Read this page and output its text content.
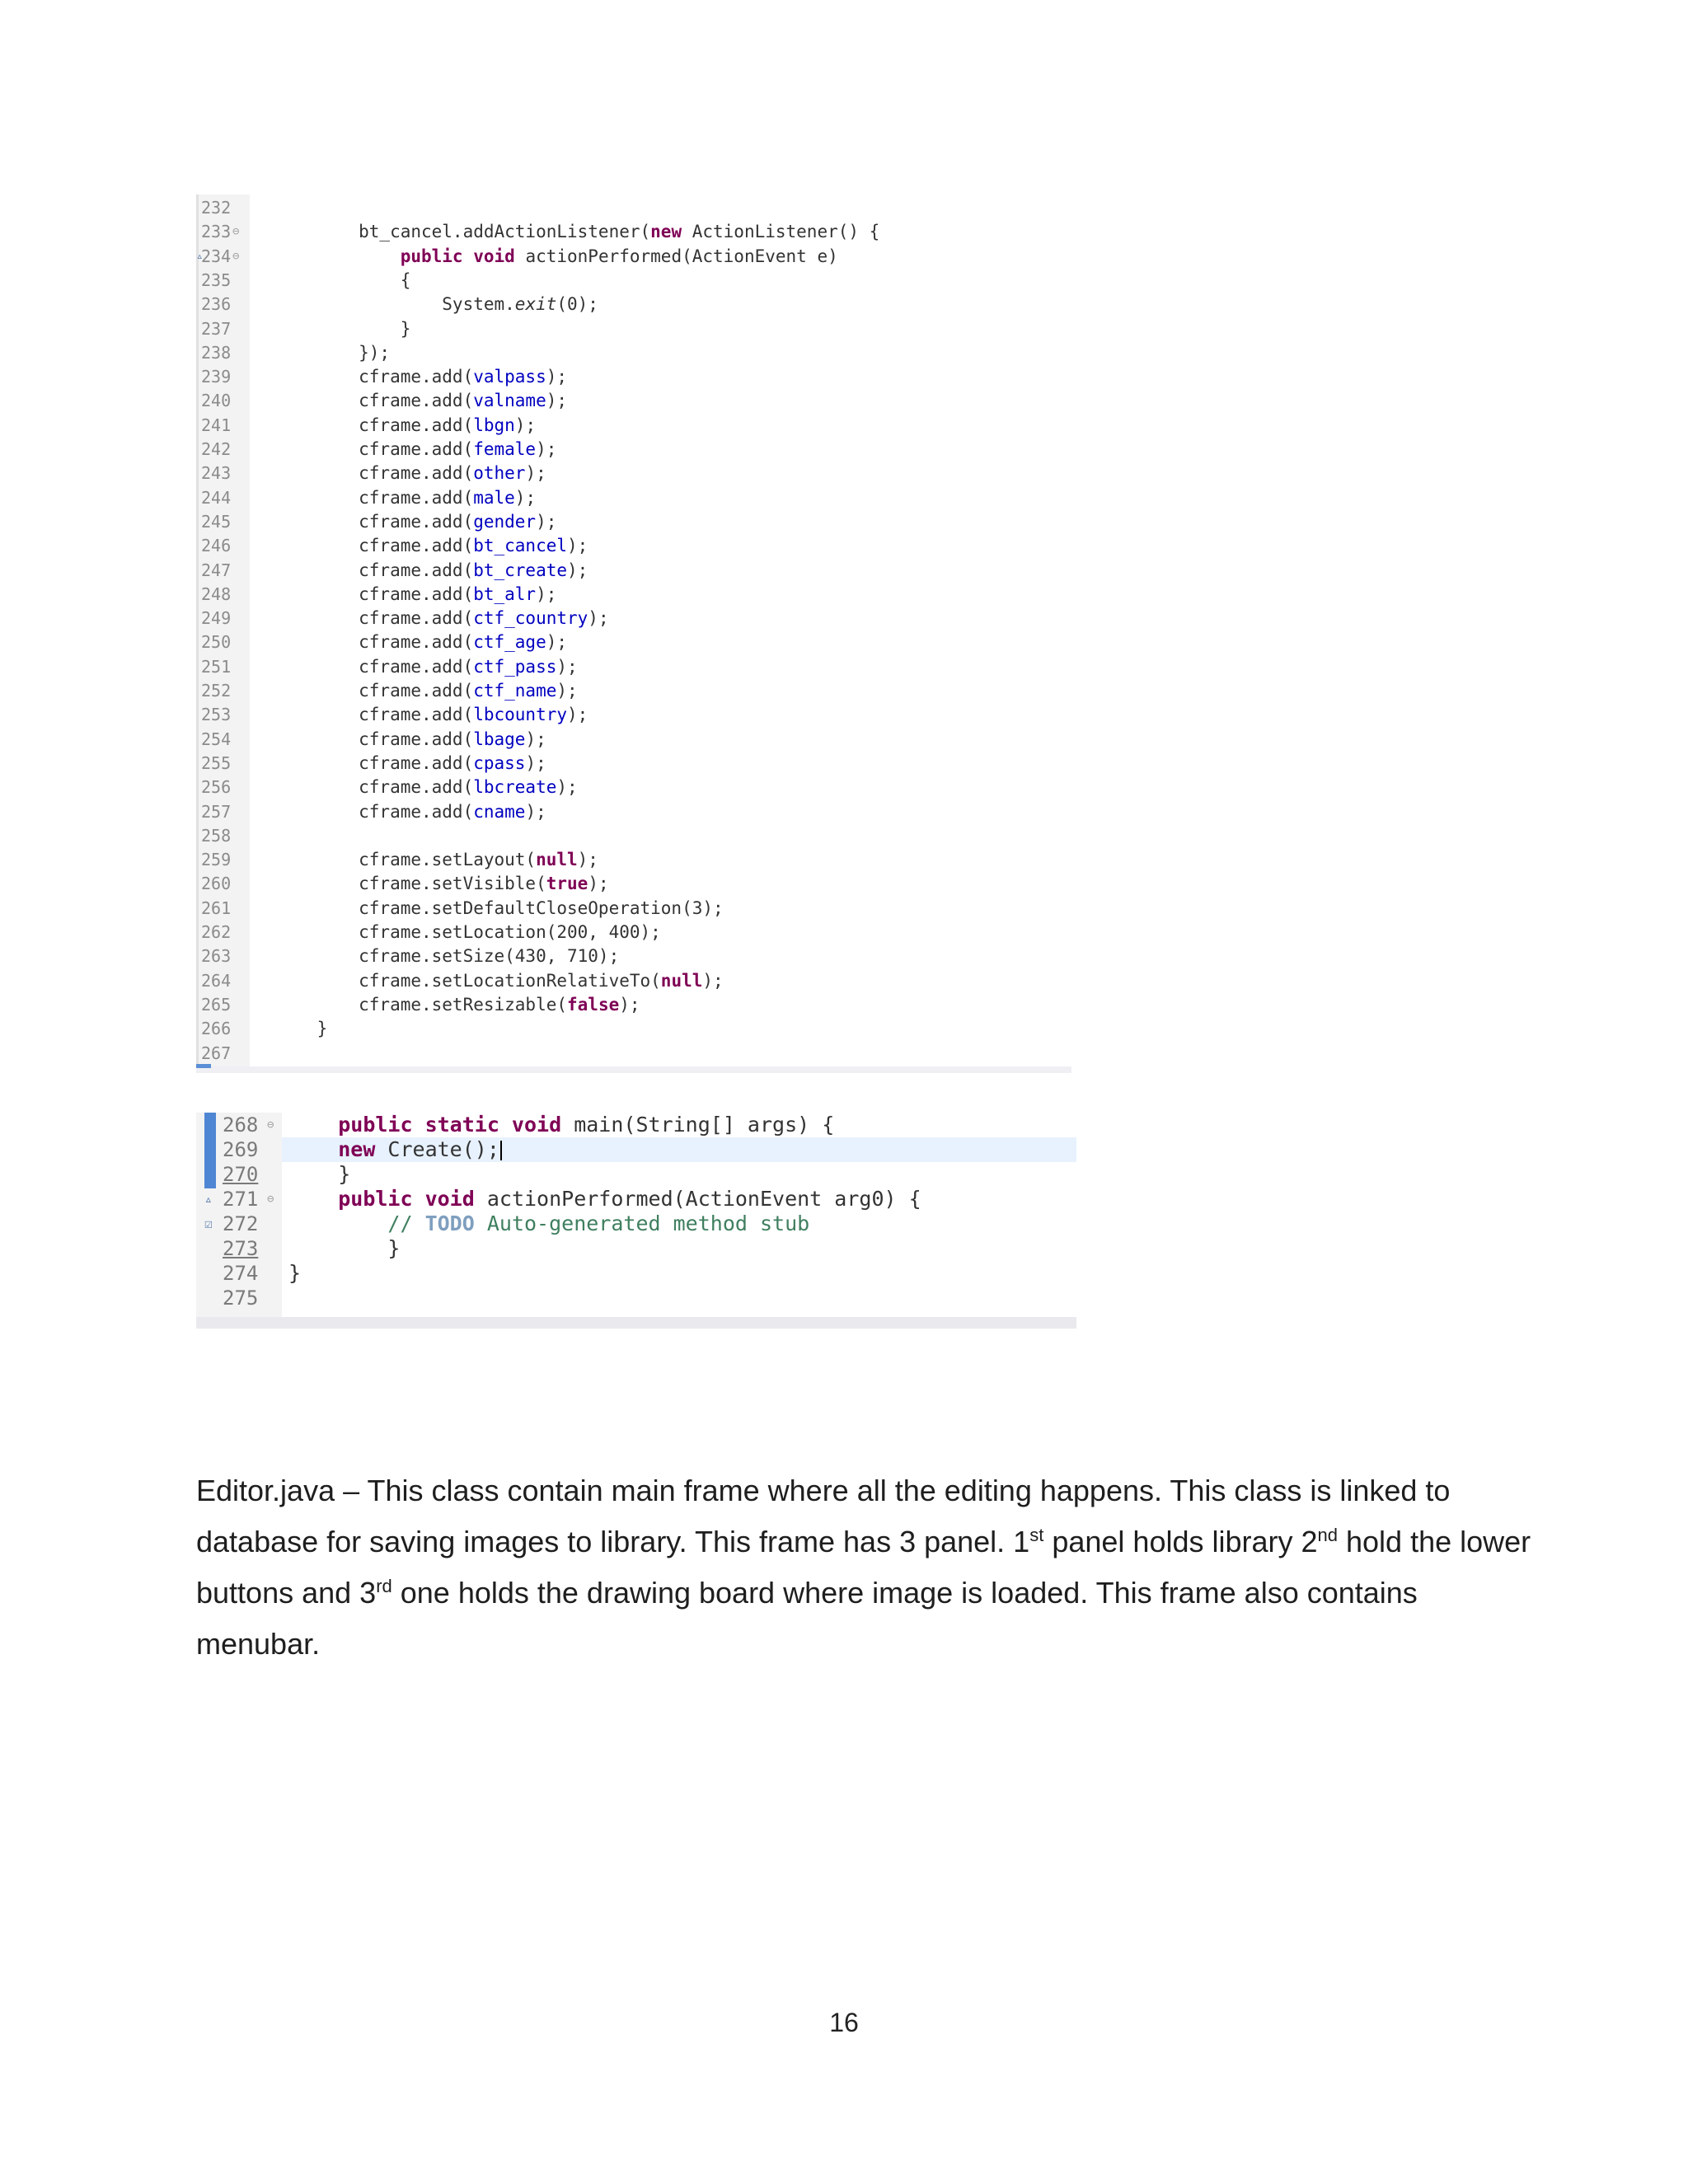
232
233 ⊖ bt_cancel.addActionListener(new ActionListener() {
▵
234 ⊖	public void actionPerformed(ActionEvent e)
235	{
236	System.exit(0);
237	}
238	});
239	cframe.add(valpass);
240	cframe.add(valname);
241	cframe.add(lbgn);
242	cframe.add(female);
243	cframe.add(other);
244	cframe.add(male);
245	cframe.add(gender);
246	cframe.add(bt_cancel);
247	cframe.add(bt_create);
248	cframe.add(bt_alr);
249	cframe.add(ctf_country);
250	cframe.add(ctf_age);
251	cframe.add(ctf_pass);
252	cframe.add(ctf_name);
253	cframe.add(lbcountry);
254	cframe.add(lbage);
255	cframe.add(cpass);
256	cframe.add(lbcreate);
257	cframe.add(cname);
258
259	cframe.setLayout(null);
260	cframe.setVisible(true);
261	cframe.setDefaultCloseOperation(3);
262	cframe.setLocation(200, 400);
263	cframe.setSize(430, 710);
264	cframe.setLocationRelativeTo(null);
265	cframe.setResizable(false);
266	}
267
268 ⊖	public static void main(String[] args) {
269	new Create();
270 }
▵ 271 ⊖	public void actionPerformed(ActionEvent arg0) {
☑ 272	// TODO Auto-generated method stub
273 }
274 }
275

Editor.java – This class contain main frame where all the editing happens. This class is linked to database for saving images to library. This frame has 3 panel. 1st panel holds library 2nd hold the lower buttons and 3rd one holds the drawing board where image is loaded. This frame also contains menubar.

16
